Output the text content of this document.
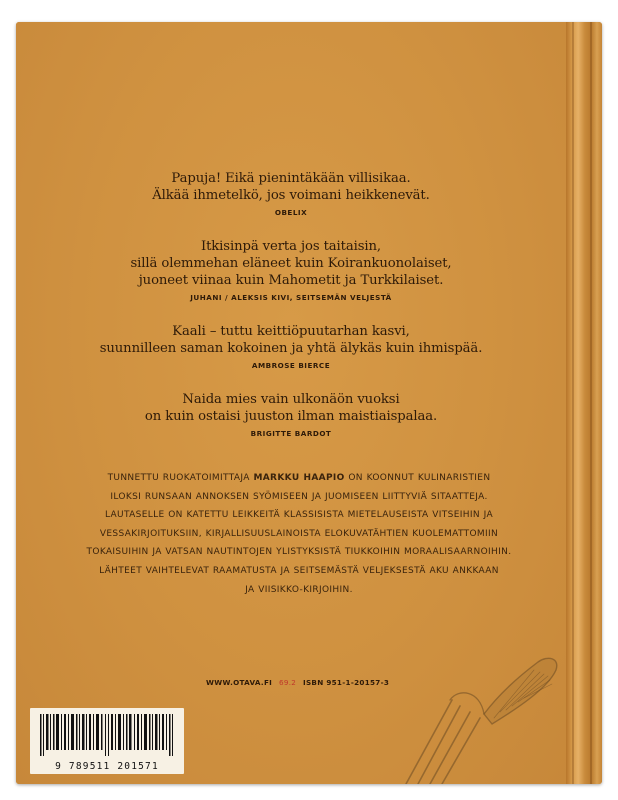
Papuja! Eikä pienintäkään villisikaa.
Älkää ihmetelkö, jos voimani heikkenevät.
OBELIX
Itkisinpä verta jos taitaisin,
sillä olemmehan eläneet kuin Koirankuonolaiset,
juoneet viinaa kuin Mahometit ja Turkkilaiset.
JUHANI / ALEKSIS KIVI, SEITSEMÄN VELJESTÄ
Kaali – tuttu keittiöpuutarhan kasvi,
suunnilleen saman kokoinen ja yhtä älykäs kuin ihmispää.
AMBROSE BIERCE
Naida mies vain ulkonäön vuoksi
on kuin ostaisi juuston ilman maistiaispalaa.
BRIGITTE BARDOT
TUNNETTU RUOKATOIMITTAJA MARKKU HAAPIO ON KOONNUT KULINARISTIEN
ILOKSI RUNSAAN ANNOKSEN SYÖMISEEN JA JUOMISEEN LIITTYVIÄ SITAATTEJA.
LAUTASELLE ON KATETTU LEIKKEITÄ KLASSISISTA MIETELAUSEISTA VITSEIHIN JA
VESSAKIRJOITUKSIIN, KIRJALLISUUSLAINOISTA ELOKUVATÄHTIEN KUOLEMATTOMIIN
TOKAISUIHIN JA VATSAN NAUTINTOJEN YLISTYKSISTÄ TIUKKOIHIN MORAALISAARNOIHIN.
LÄHTEET VAIHTELEVAT RAAMATUSTA JA SEITSEMÄSTÄ VELJEKSESTÄ AKU ANKKAAN
JA VIISIKKO-KIRJOIHIN.
WWW.OTAVA.FI 69.2 ISBN 951-1-20157-3
9 789511 201571
